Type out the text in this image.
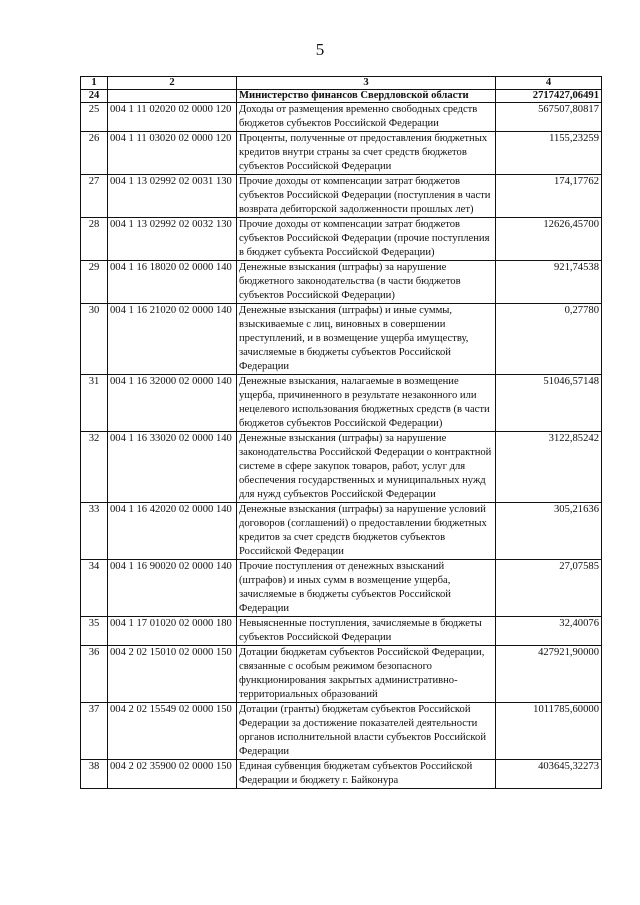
5
1	2	3	4
24		Министерство финансов Свердловской области	2717427,06491
25	004 1 11 02020 02 0000 120	Доходы от размещения временно свободных средств бюджетов субъектов Российской Федерации	567507,80817
26	004 1 11 03020 02 0000 120	Проценты, полученные от предоставления бюджетных кредитов внутри страны за счет средств бюджетов субъектов Российской Федерации	1155,23259
27	004 1 13 02992 02 0031 130	Прочие доходы от компенсации затрат бюджетов субъектов Российской Федерации (поступления в части возврата дебиторской задолженности прошлых лет)	174,17762
28	004 1 13 02992 02 0032 130	Прочие доходы от компенсации затрат бюджетов субъектов Российской Федерации (прочие поступления в бюджет субъекта Российской Федерации)	12626,45700
29	004 1 16 18020 02 0000 140	Денежные взыскания (штрафы) за нарушение бюджетного законодательства (в части бюджетов субъектов Российской Федерации)	921,74538
30	004 1 16 21020 02 0000 140	Денежные взыскания (штрафы) и иные суммы, взыскиваемые с лиц, виновных в совершении преступлений, и в возмещение ущерба имуществу, зачисляемые в бюджеты субъектов Российской Федерации	0,27780
31	004 1 16 32000 02 0000 140	Денежные взыскания, налагаемые в возмещение ущерба, причиненного в результате незаконного или нецелевого использования бюджетных средств (в части бюджетов субъектов Российской Федерации)	51046,57148
32	004 1 16 33020 02 0000 140	Денежные взыскания (штрафы) за нарушение законодательства Российской Федерации о контрактной системе в сфере закупок товаров, работ, услуг для обеспечения государственных и муниципальных нужд для нужд субъектов Российской Федерации	3122,85242
33	004 1 16 42020 02 0000 140	Денежные взыскания (штрафы) за нарушение условий договоров (соглашений) о предоставлении бюджетных кредитов за счет средств бюджетов субъектов Российской Федерации	305,21636
34	004 1 16 90020 02 0000 140	Прочие поступления от денежных взысканий (штрафов) и иных сумм в возмещение ущерба, зачисляемые в бюджеты субъектов Российской Федерации	27,07585
35	004 1 17 01020 02 0000 180	Невыясненные поступления, зачисляемые в бюджеты субъектов Российской Федерации	32,40076
36	004 2 02 15010 02 0000 150	Дотации бюджетам субъектов Российской Федерации, связанные с особым режимом безопасного функционирования закрытых административно-территориальных образований	427921,90000
37	004 2 02 15549 02 0000 150	Дотации (гранты) бюджетам субъектов Российской Федерации за достижение показателей деятельности органов исполнительной власти субъектов Российской Федерации	1011785,60000
38	004 2 02 35900 02 0000 150	Единая субвенция бюджетам субъектов Российской Федерации и бюджету г. Байконура	403645,32273
